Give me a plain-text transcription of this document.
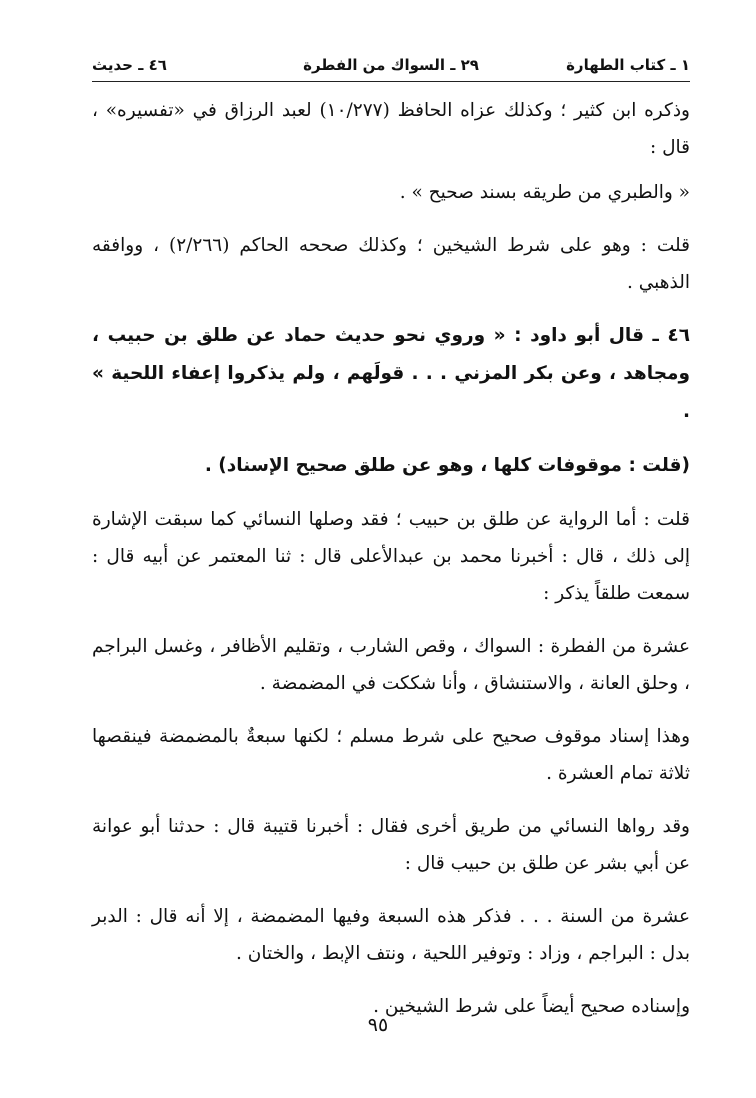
١ ـ كتاب الطهارة
٢٩ ـ السواك من الفطرة
٤٦ ـ حديث

وذكره ابن كثير ؛ وكذلك عزاه الحافظ (١٠/٢٧٧) لعبد الرزاق في «تفسيره» ، قال :

« والطبري من طريقه بسند صحيح » .

قلت : وهو على شرط الشيخين ؛ وكذلك صححه الحاكم (٢/٢٦٦) ، ووافقه الذهبي .

٤٦ ـ قال أبو داود : « وروي نحو حديث حماد عن طلق بن حبيب ، ومجاهد ، وعن بكر المزني . . . قولَهم ، ولم يذكروا إعفاء اللحية » .

(قلت : موقوفات كلها ، وهو عن طلق صحيح الإسناد) .

قلت : أما الرواية عن طلق بن حبيب ؛ فقد وصلها النسائي كما سبقت الإشارة إلى ذلك ، قال : أخبرنا محمد بن عبدالأعلى قال : ثنا المعتمر عن أبيه قال : سمعت طلقاً يذكر :

عشرة من الفطرة : السواك ، وقص الشارب ، وتقليم الأظافر ، وغسل البراجم ، وحلق العانة ، والاستنشاق ، وأنا شككت في المضمضة .

وهذا إسناد موقوف صحيح على شرط مسلم ؛ لكنها سبعةٌ بالمضمضة فينقصها ثلاثة تمام العشرة .

وقد رواها النسائي من طريق أخرى فقال : أخبرنا قتيبة قال : حدثنا أبو عوانة عن أبي بشر عن طلق بن حبيب قال :

عشرة من السنة . . . فذكر هذه السبعة وفيها المضمضة ، إلا أنه قال : الدبر بدل : البراجم ، وزاد : وتوفير اللحية ، ونتف الإبط ، والختان .

وإسناده صحيح أيضاً على شرط الشيخين .

٩٥
